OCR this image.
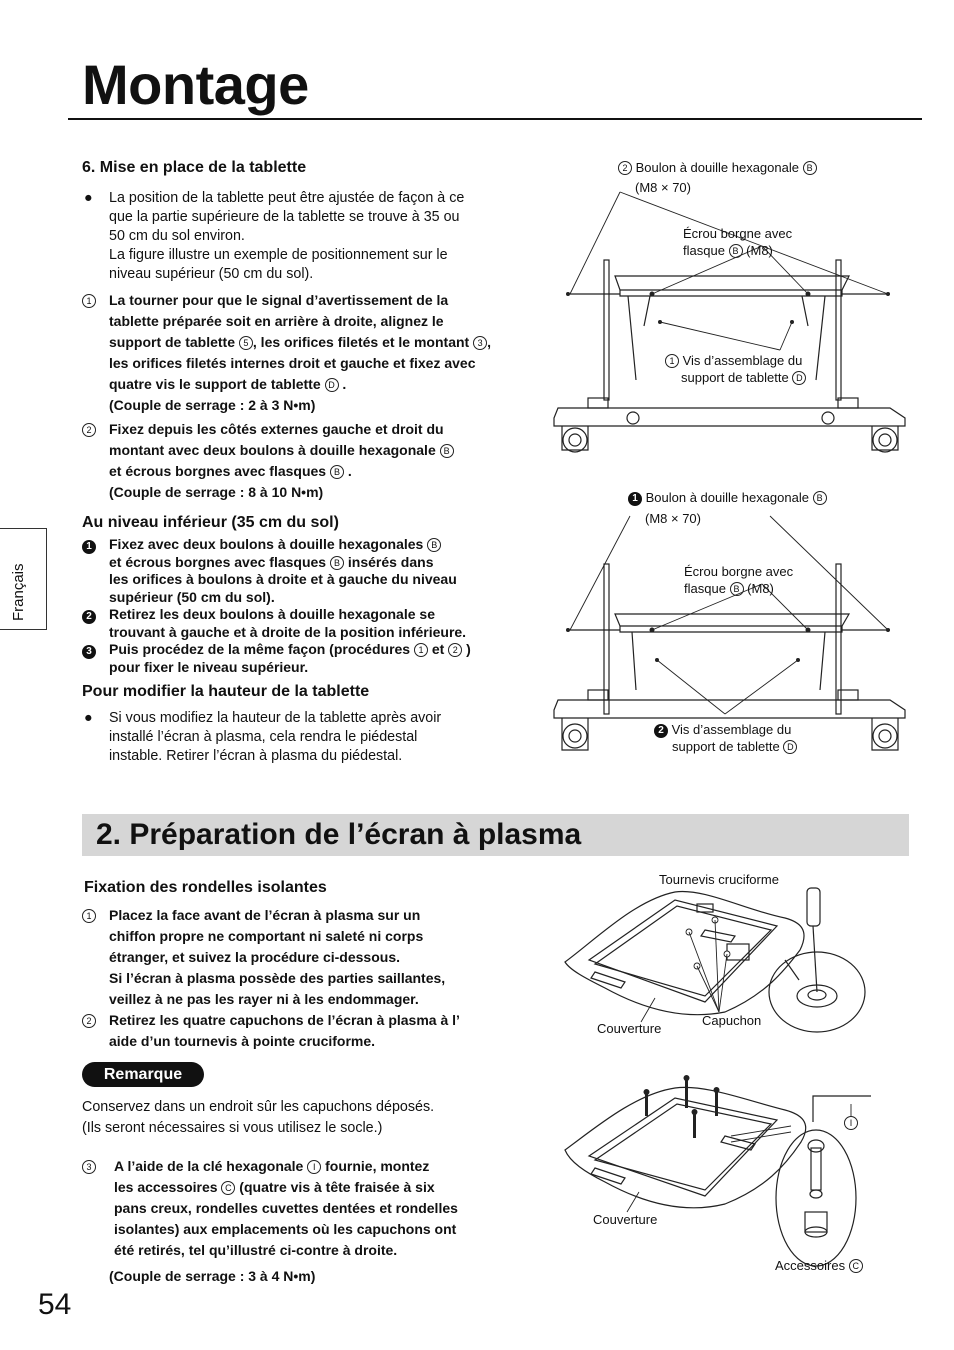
Montage
Français
6. Mise en place de la tablette
● La position de la tablette peut être ajustée de façon à ce
que la partie supérieure de la tablette se trouve à 35 ou
50 cm du sol environ.
La figure illustre un exemple de positionnement sur le
niveau supérieur (50 cm du sol).
1	La tourner pour que le signal d’avertissement de la
tablette préparée soit en arrière à droite, alignez le
support de tablette 5 , les orifices filetés et le montant 3 ,
les orifices filetés internes droit et gauche et fixez avec
quatre vis le support de tablette D .
(Couple de serrage : 2 à 3 N•m)
2	Fixez depuis les côtés externes gauche et droit du
montant avec deux boulons à douille hexagonale B
et écrous borgnes avec flasques B .
(Couple de serrage : 8 à 10 N•m)
Au niveau inférieur (35 cm du sol)
1	Fixez avec deux boulons à douille hexagonales B
et écrous borgnes avec flasques B insérés dans
les orifices à boulons à droite et à gauche du niveau
supérieur (50 cm du sol).
2	Retirez les deux boulons à douille hexagonale se
trouvant à gauche et à droite de la position inférieure.
3	Puis procédez de la même façon (procédures 1 et 2 )
pour fixer le niveau supérieur.
Pour modifier la hauteur de la tablette
● Si vous modifiez la hauteur de la tablette après avoir
installé l’écran à plasma, cela rendra le piédestal
instable. Retirer l’écran à plasma du piédestal.
2 Boulon à douille hexagonale B
(M8 × 70)
Écrou borgne avec
flasque B (M8)
1 Vis d’assemblage du
support de tablette D
1 Boulon à douille hexagonale B
(M8 × 70)
Écrou borgne avec
flasque B (M8)
2 Vis d’assemblage du
support de tablette D
2. Préparation de l’écran à plasma
Fixation des rondelles isolantes
1	Placez la face avant de l’écran à plasma sur un
chiffon propre ne comportant ni saleté ni corps
étranger, et suivez la procédure ci-dessous.
Si l’écran à plasma possède des parties saillantes,
veillez à ne pas les rayer ni à les endommager.
2	Retirez les quatre capuchons de l’écran à plasma à l’
aide d’un tournevis à pointe cruciforme.
Remarque
Conservez dans un endroit sûr les capuchons déposés.
(Ils seront nécessaires si vous utilisez le socle.)
3	A l’aide de la clé hexagonale I fournie, montez
les accessoires C (quatre vis à tête fraisée à six
pans creux, rondelles cuvettes dentées et rondelles
isolantes) aux emplacements où les capuchons ont
été retirés, tel qu’illustré ci-contre à droite.
(Couple de serrage : 3 à 4 N•m)
Tournevis cruciforme
Couverture
Capuchon
I
Couverture
Accessoires C
54
